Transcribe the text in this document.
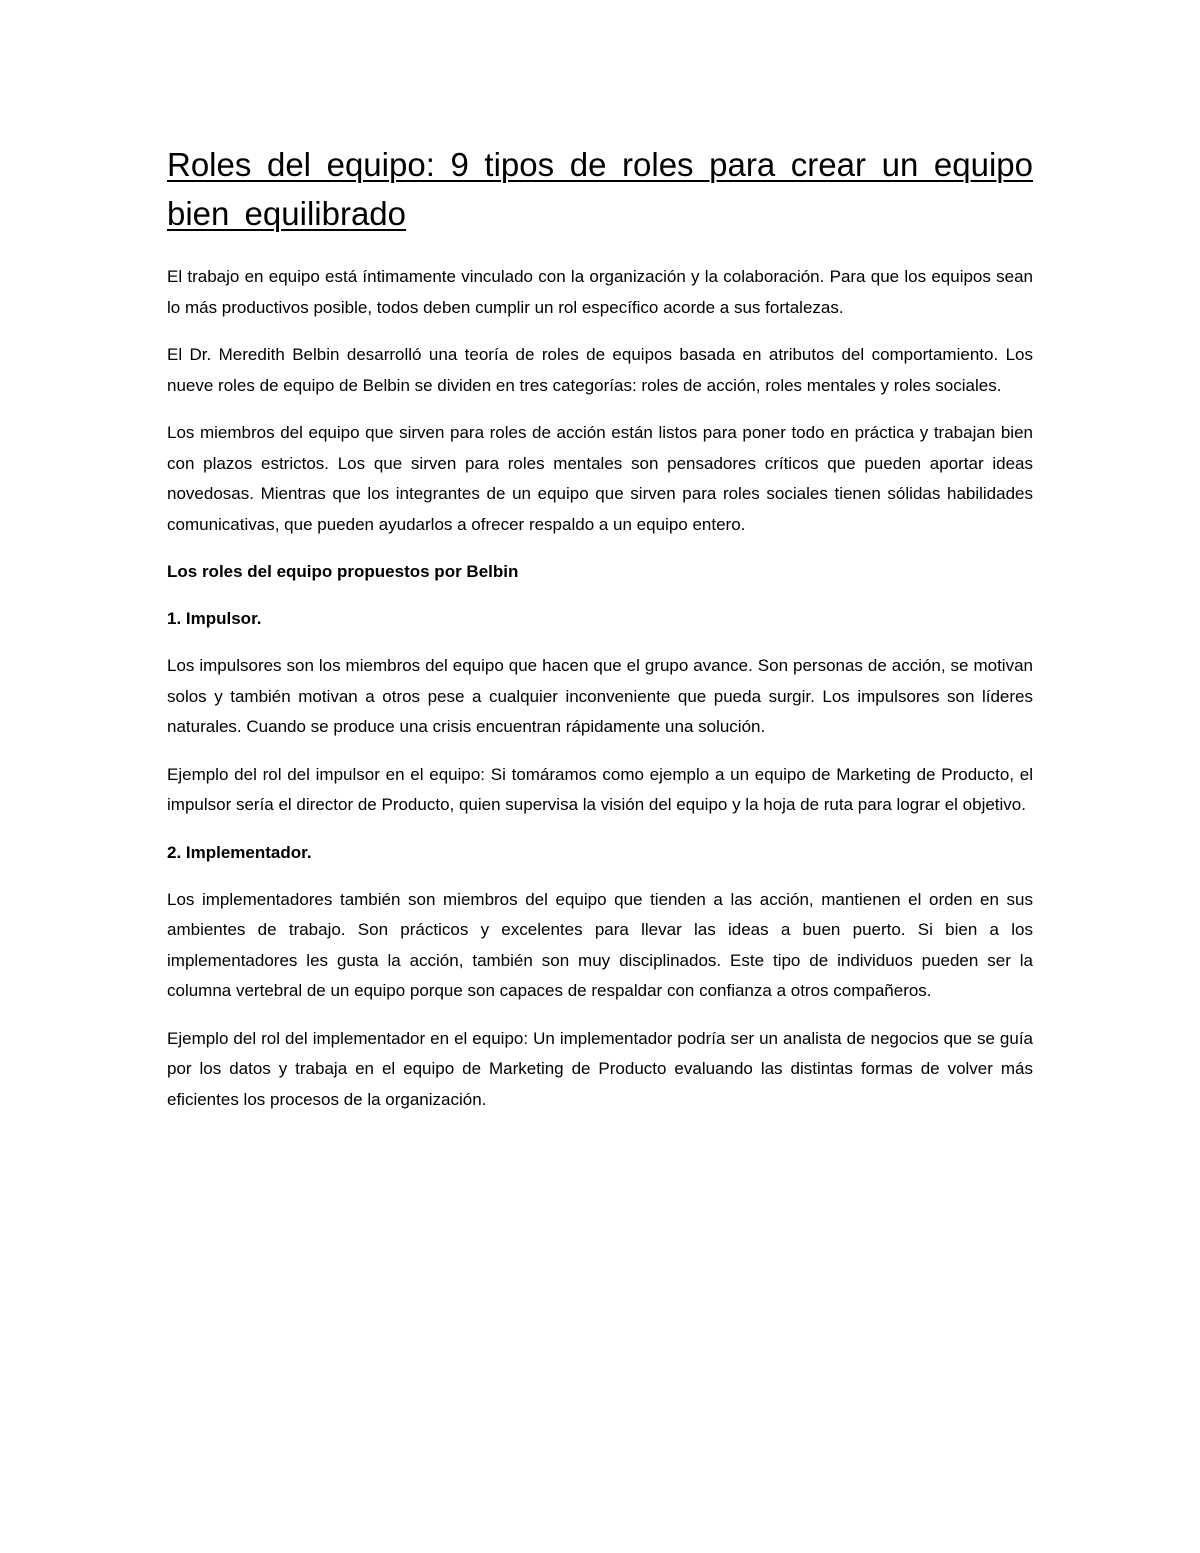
Roles del equipo: 9 tipos de roles para crear un equipo bien equilibrado

El trabajo en equipo está íntimamente vinculado con la organización y la colaboración. Para que los equipos sean lo más productivos posible, todos deben cumplir un rol específico acorde a sus fortalezas.

El Dr. Meredith Belbin desarrolló una teoría de roles de equipos basada en atributos del comportamiento. Los nueve roles de equipo de Belbin se dividen en tres categorías: roles de acción, roles mentales y roles sociales.

Los miembros del equipo que sirven para roles de acción están listos para poner todo en práctica y trabajan bien con plazos estrictos. Los que sirven para roles mentales son pensadores críticos que pueden aportar ideas novedosas. Mientras que los integrantes de un equipo que sirven para roles sociales tienen sólidas habilidades comunicativas, que pueden ayudarlos a ofrecer respaldo a un equipo entero.

Los roles del equipo propuestos por Belbin

1. Impulsor.

Los impulsores son los miembros del equipo que hacen que el grupo avance. Son personas de acción, se motivan solos y también motivan a otros pese a cualquier inconveniente que pueda surgir. Los impulsores son líderes naturales. Cuando se produce una crisis encuentran rápidamente una solución.

Ejemplo del rol del impulsor en el equipo: Si tomáramos como ejemplo a un equipo de Marketing de Producto, el impulsor sería el director de Producto, quien supervisa la visión del equipo y la hoja de ruta para lograr el objetivo.

2. Implementador.

Los implementadores también son miembros del equipo que tienden a las acción, mantienen el orden en sus ambientes de trabajo. Son prácticos y excelentes para llevar las ideas a buen puerto. Si bien a los implementadores les gusta la acción, también son muy disciplinados. Este tipo de individuos pueden ser la columna vertebral de un equipo porque son capaces de respaldar con confianza a otros compañeros.

Ejemplo del rol del implementador en el equipo: Un implementador podría ser un analista de negocios que se guía por los datos y trabaja en el equipo de Marketing de Producto evaluando las distintas formas de volver más eficientes los procesos de la organización.
